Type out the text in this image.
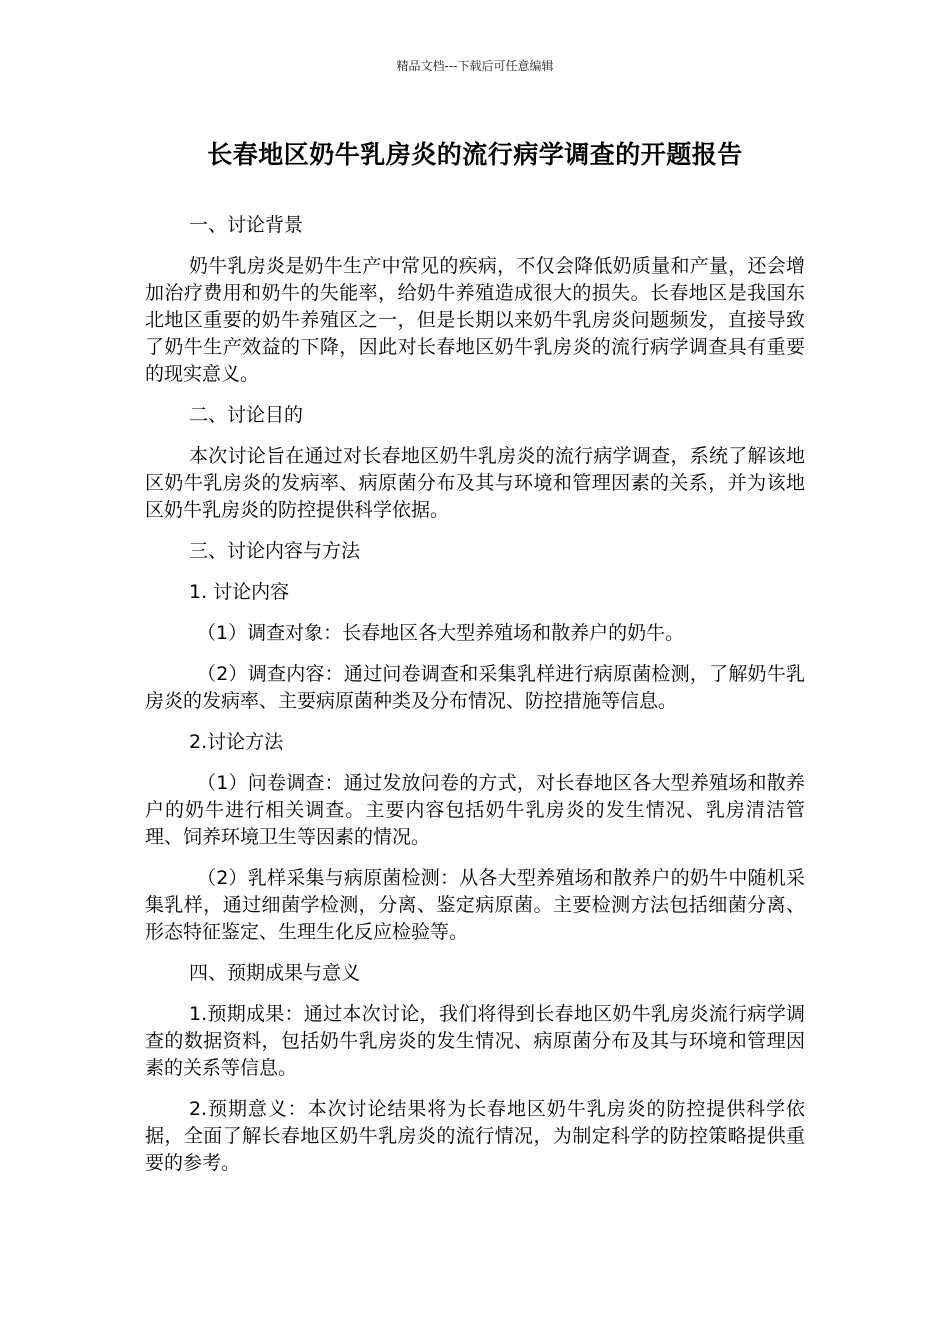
精品文档---下载后可任意编辑
长春地区奶牛乳房炎的流行病学调查的开题报告

一、讨论背景

奶牛乳房炎是奶牛生产中常见的疾病，不仅会降低奶质量和产量，还会增加治疗费用和奶牛的失能率，给奶牛养殖造成很大的损失。长春地区是我国东北地区重要的奶牛养殖区之一，但是长期以来奶牛乳房炎问题频发，直接导致了奶牛生产效益的下降，因此对长春地区奶牛乳房炎的流行病学调查具有重要的现实意义。

二、讨论目的

本次讨论旨在通过对长春地区奶牛乳房炎的流行病学调查，系统了解该地区奶牛乳房炎的发病率、病原菌分布及其与环境和管理因素的关系，并为该地区奶牛乳房炎的防控提供科学依据。

三、讨论内容与方法

1. 讨论内容

（1）调查对象：长春地区各大型养殖场和散养户的奶牛。

（2）调查内容：通过问卷调查和采集乳样进行病原菌检测，了解奶牛乳房炎的发病率、主要病原菌种类及分布情况、防控措施等信息。

2.讨论方法

（1）问卷调查：通过发放问卷的方式，对长春地区各大型养殖场和散养户的奶牛进行相关调查。主要内容包括奶牛乳房炎的发生情况、乳房清洁管理、饲养环境卫生等因素的情况。

（2）乳样采集与病原菌检测：从各大型养殖场和散养户的奶牛中随机采集乳样，通过细菌学检测，分离、鉴定病原菌。主要检测方法包括细菌分离、形态特征鉴定、生理生化反应检验等。

四、预期成果与意义

1.预期成果：通过本次讨论，我们将得到长春地区奶牛乳房炎流行病学调查的数据资料，包括奶牛乳房炎的发生情况、病原菌分布及其与环境和管理因素的关系等信息。

2.预期意义：本次讨论结果将为长春地区奶牛乳房炎的防控提供科学依据，全面了解长春地区奶牛乳房炎的流行情况，为制定科学的防控策略提供重要的参考。
